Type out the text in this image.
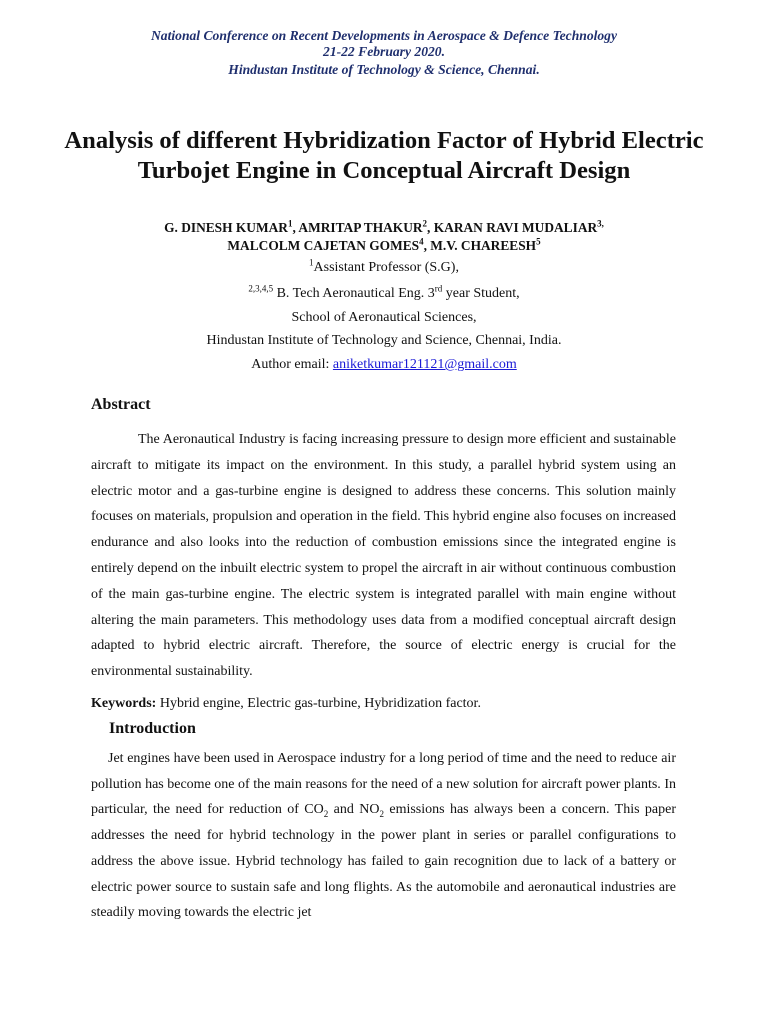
National Conference on Recent Developments in Aerospace & Defence Technology
21-22 February 2020.
Hindustan Institute of Technology & Science, Chennai.
Analysis of different Hybridization Factor of Hybrid Electric Turbojet Engine in Conceptual Aircraft Design
G. DINESH KUMAR$^1$, AMRITAP THAKUR$^2$, KARAN RAVI $MUDALIAR^{3,}$
MALCOLM CAJETAN GOMES$^4$, M.V. CHAREESH$^5$
$^1$Assistant Professor (S.G),
$^{2,3,4,5}$ B. Tech Aeronautical Eng. 3rd year Student,
School of Aeronautical Sciences,
Hindustan Institute of Technology and Science, Chennai, India.
Author email: aniketkumar121121@gmail.com
Abstract
The Aeronautical Industry is facing increasing pressure to design more efficient and sustainable aircraft to mitigate its impact on the environment. In this study, a parallel hybrid system using an electric motor and a gas-turbine engine is designed to address these concerns. This solution mainly focuses on materials, propulsion and operation in the field. This hybrid engine also focuses on increased endurance and also looks into the reduction of combustion emissions since the integrated engine is entirely depend on the inbuilt electric system to propel the aircraft in air without continuous combustion of the main gas-turbine engine. The electric system is integrated parallel with main engine without altering the main parameters. This methodology uses data from a modified conceptual aircraft design adapted to hybrid electric aircraft. Therefore, the source of electric energy is crucial for the environmental sustainability.
Keywords: Hybrid engine, Electric gas-turbine, Hybridization factor.
Introduction
Jet engines have been used in Aerospace industry for a long period of time and the need to reduce air pollution has become one of the main reasons for the need of a new solution for aircraft power plants. In particular, the need for reduction of $CO_2$ and $NO_2$ emissions has always been a concern. This paper addresses the need for hybrid technology in the power plant in series or parallel configurations to address the above issue. Hybrid technology has failed to gain recognition due to lack of a battery or electric power source to sustain safe and long flights. As the automobile and aeronautical industries are steadily moving towards the electric jet
